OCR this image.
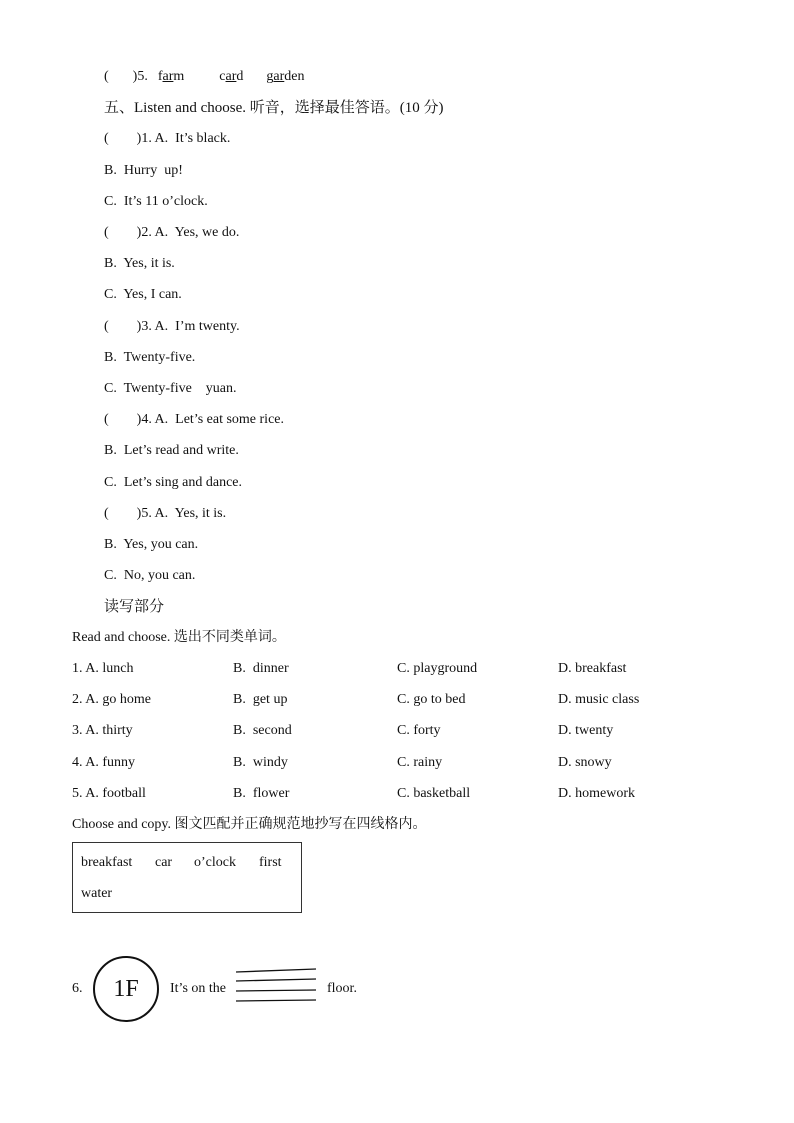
( )5. farm	card garden
五、Listen and choose. 听音，选择最佳答语。(10 分)
(        )1. A.  It’s black.
B.  Hurry  up!
C.  It’s 11 o’clock.
(        )2. A.  Yes, we do.
B.  Yes, it is.
C.  Yes, I can.
(        )3. A.  I’m twenty.
B.  Twenty-five.
C.  Twenty-five    yuan.
(        )4. A.  Let’s eat some rice.
B.  Let’s read and write.
C.  Let’s sing and dance.
(        )5. A.  Yes, it is.
B.  Yes, you can.
C.  No, you can.
读写部分
Read and choose. 选出不同类单词。
1. A. lunch	B.  dinner	C. playground	D. breakfast
2. A. go home	B.  get up	C. go to bed	D. music class
3. A. thirty	B.  second	C. forty	D. twenty
4. A. funny	B.  windy	C. rainy	D. snowy
5. A. football	B.  flower	C. basketball	D. homework
Choose and copy. 图文匹配并正确规范地抄写在四线格内。
breakfast car o’clock first
water
6.	1F	It’s on the	floor.
